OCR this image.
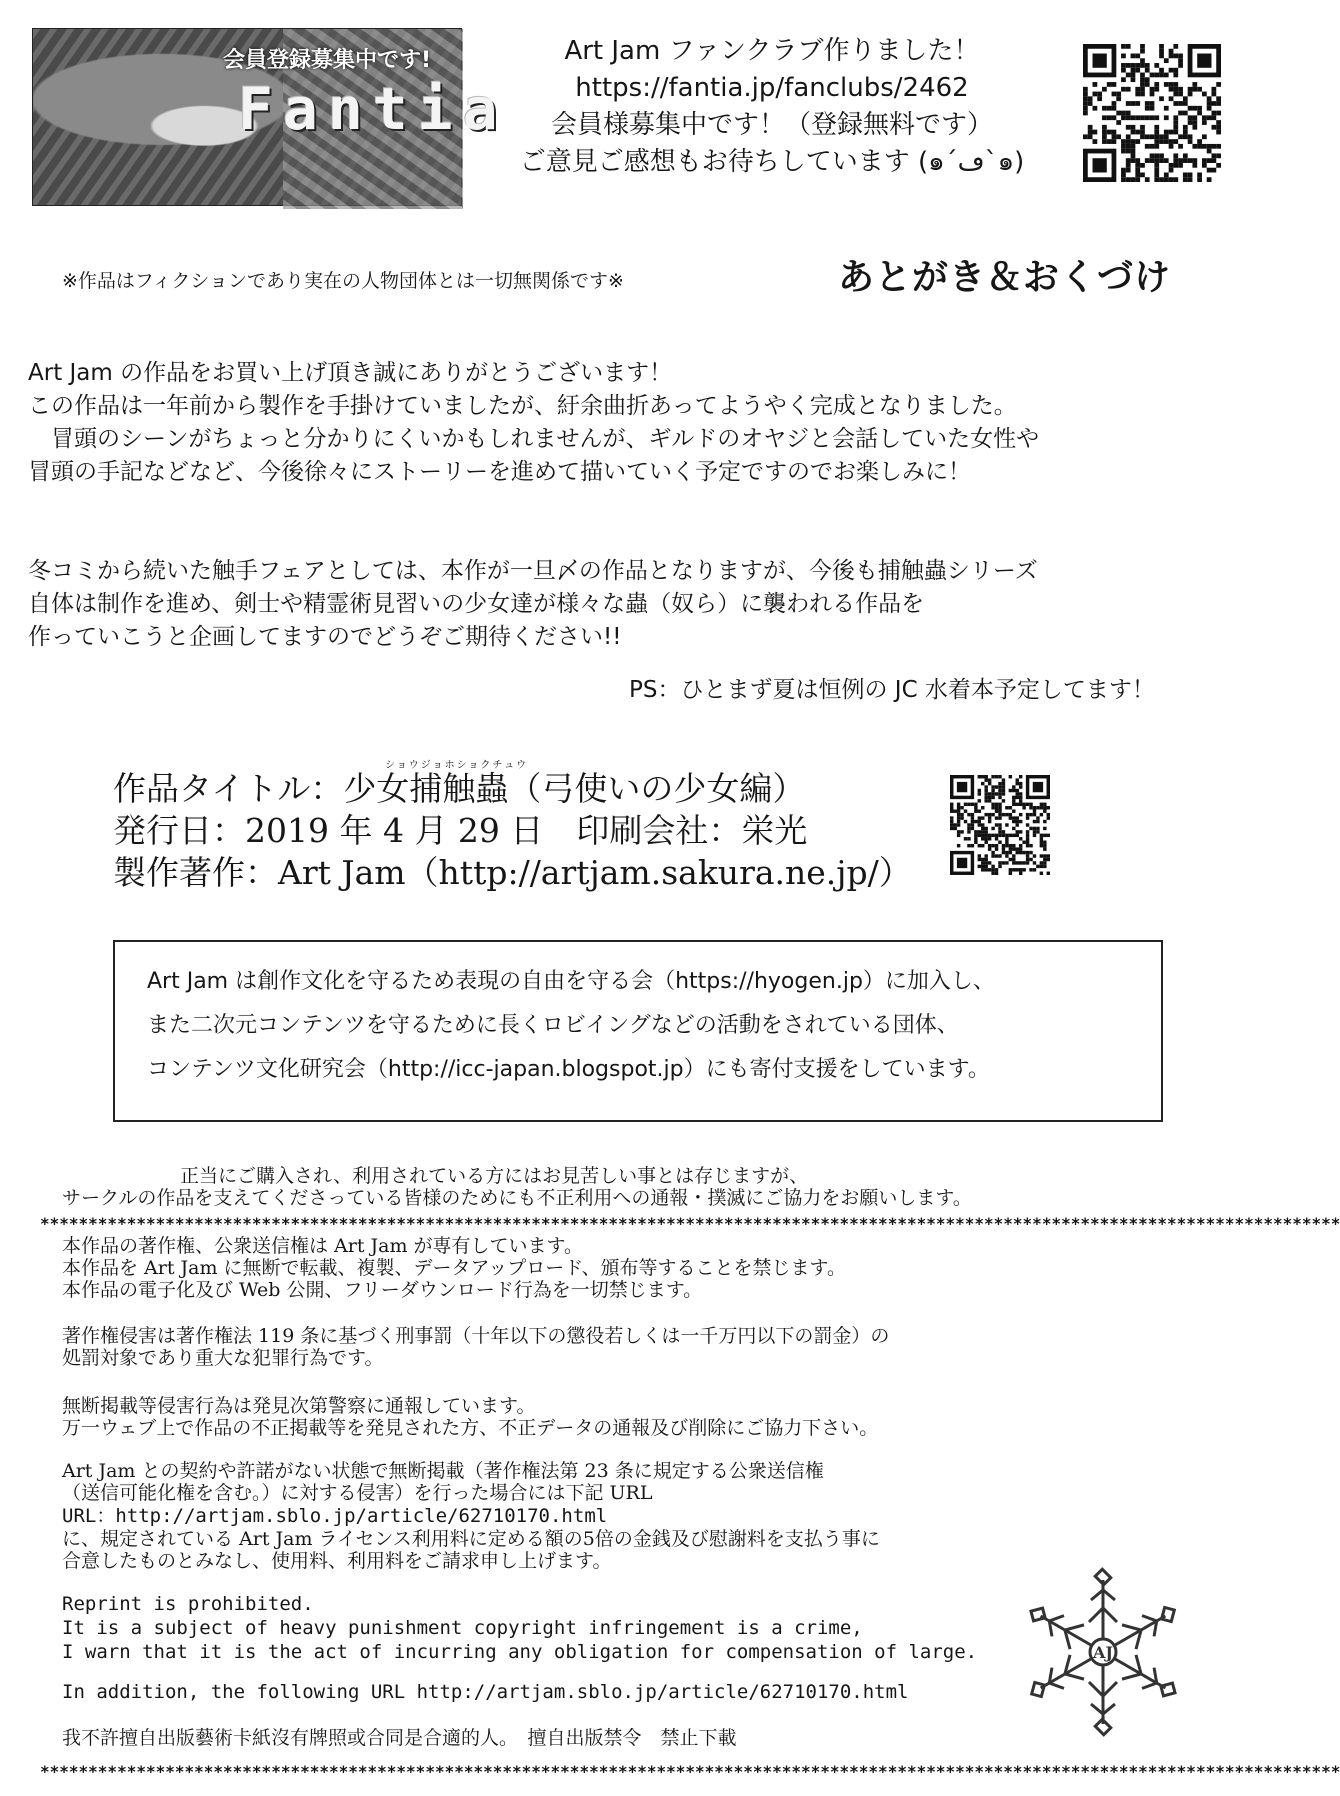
会員登録募集中です!
Fantia
Art Jam ファンクラブ作りました！
https://fantia.jp/fanclubs/2462
会員様募集中です！（登録無料です）
ご意見ご感想もお待ちしています (๑´ڡ`๑)
※作品はフィクションであり実在の人物団体とは一切無関係です※	あとがき＆おくづけ
Art Jam の作品をお買い上げ頂き誠にありがとうございます！
この作品は一年前から製作を手掛けていましたが、紆余曲折あってようやく完成となりました。
　冒頭のシーンがちょっと分かりにくいかもしれませんが、ギルドのオヤジと会話していた女性や
冒頭の手記などなど、今後徐々にストーリーを進めて描いていく予定ですのでお楽しみに！
冬コミから続いた触手フェアとしては、本作が一旦〆の作品となりますが、今後も捕触蟲シリーズ
自体は制作を進め、剣士や精霊術見習いの少女達が様々な蟲（奴ら）に襲われる作品を
作っていこうと企画してますのでどうぞご期待ください!!
PS：ひとまず夏は恒例の JC 水着本予定してます！
ショウジョホショクチュウ
作品タイトル：少女捕触蟲（弓使いの少女編）
発行日：2019 年 4 月 29 日　印刷会社：栄光
製作著作：Art Jam（http://artjam.sakura.ne.jp/）
Art Jam は創作文化を守るため表現の自由を守る会（https://hyogen.jp）に加入し、
また二次元コンテンツを守るために長くロビイングなどの活動をされている団体、
コンテンツ文化研究会（http://icc-japan.blogspot.jp）にも寄付支援をしています。
正当にご購入され、利用されている方にはお見苦しい事とは存じますが、
サークルの作品を支えてくださっている皆様のためにも不正利用への通報・撲滅にご協力をお願いします。
***************************************************************************************************************************************
本作品の著作権、公衆送信権は Art Jam が専有しています。
本作品を Art Jam に無断で転載、複製、データアップロード、頒布等することを禁じます。
本作品の電子化及び Web 公開、フリーダウンロード行為を一切禁じます。
著作権侵害は著作権法 119 条に基づく刑事罰（十年以下の懲役若しくは一千万円以下の罰金）の
処罰対象であり重大な犯罪行為です。
無断掲載等侵害行為は発見次第警察に通報しています。
万一ウェブ上で作品の不正掲載等を発見された方、不正データの通報及び削除にご協力下さい。
Art Jam との契約や許諾がない状態で無断掲載（著作権法第 23 条に規定する公衆送信権
（送信可能化権を含む。）に対する侵害）を行った場合には下記 URL
URL：http://artjam.sblo.jp/article/62710170.html
に、規定されている Art Jam ライセンス利用料に定める額の5倍の金銭及び慰謝料を支払う事に
合意したものとみなし、使用料、利用料をご請求申し上げます。
Reprint is prohibited.
It is a subject of heavy punishment copyright infringement is a crime,
I warn that it is the act of incurring any obligation for compensation of large.
In addition, the following URL http://artjam.sblo.jp/article/62710170.html
我不許擅自出版藝術卡紙沒有牌照或合同是合適的人。　擅自出版禁令　禁止下載
***************************************************************************************************************************************
AJ
